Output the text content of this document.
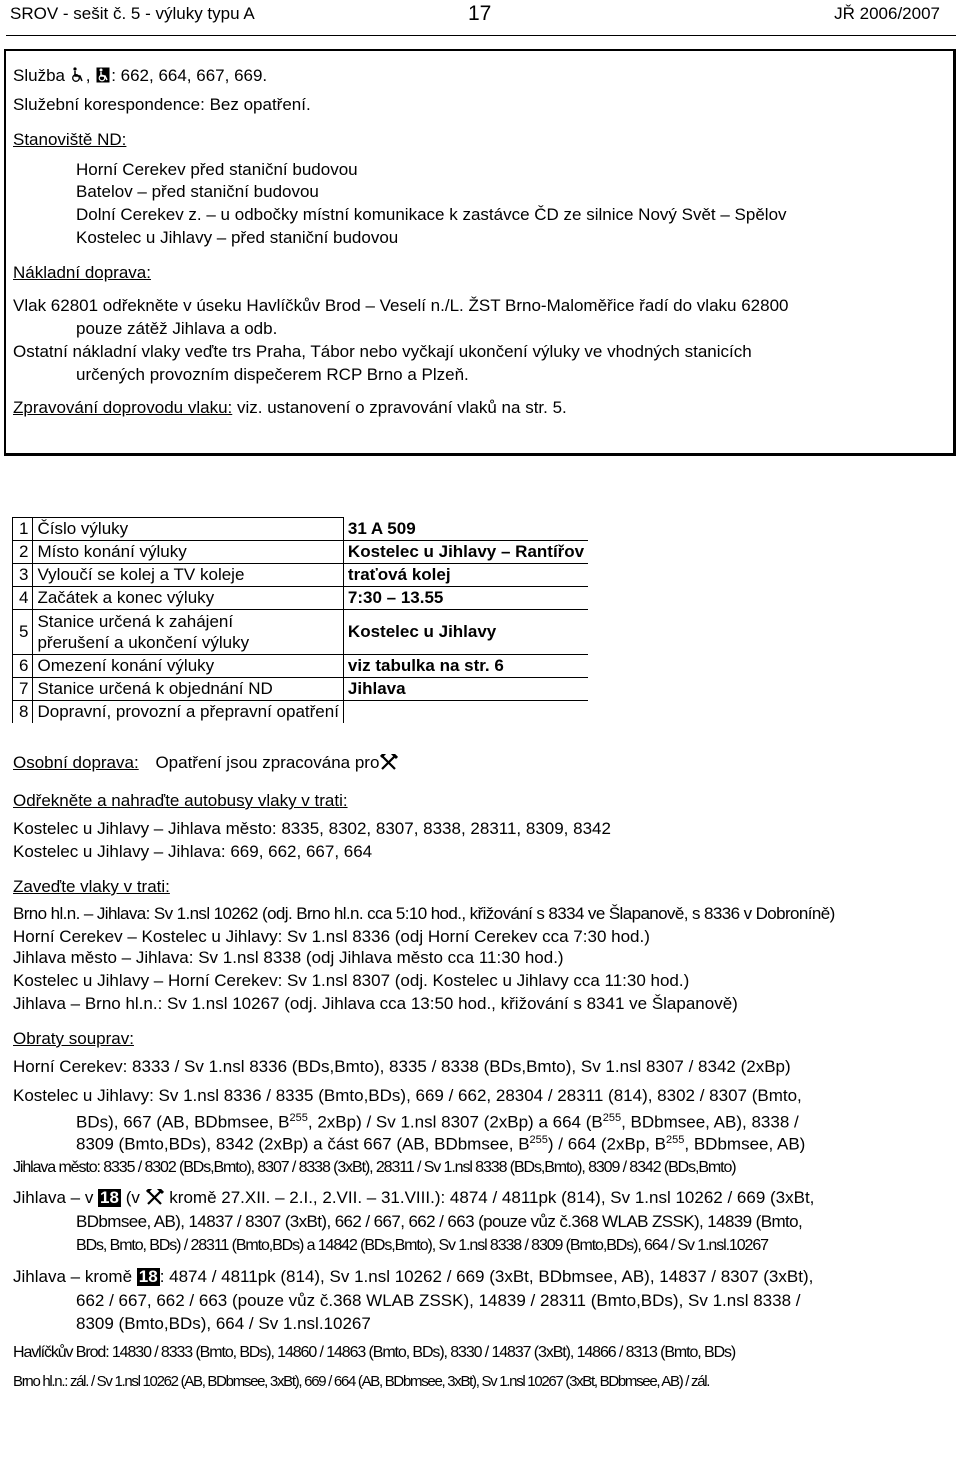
SROV - sešit č. 5 - výluky typu A	17	JŘ 2006/2007
Služba , : 662, 664, 667, 669.
Služební korespondence: Bez opatření.
Stanoviště ND:
Horní Cerekev před staniční budovou
Batelov – před staniční budovou
Dolní Cerekev z. – u odbočky místní komunikace k zastávce ČD ze silnice Nový Svět – Spělov
Kostelec u Jihlavy – před staniční budovou
Nákladní doprava:
Vlak 62801 odřekněte v úseku Havlíčkův Brod – Veselí n./L. ŽST Brno-Maloměřice řadí do vlaku 62800
pouze zátěž Jihlava a odb.
Ostatní nákladní vlaky veďte trs Praha, Tábor nebo vyčkají ukončení výluky ve vhodných stanicích
určených provozním dispečerem RCP Brno a Plzeň.
Zpravování doprovodu vlaku: viz. ustanovení o zpravování vlaků na str. 5.
1	Číslo výluky	31 A 509
2	Místo konání výluky	Kostelec u Jihlavy – Rantířov
3	Vyloučí se kolej a TV koleje	traťová kolej
4	Začátek a konec výluky	7:30 – 13.55
5	Stanice určená k zahájení
přerušení a ukončení výluky	Kostelec u Jihlavy
6	Omezení konání výluky	viz tabulka na str. 6
7	Stanice určená k objednání ND	Jihlava
8	Dopravní, provozní a přepravní opatření	
Osobní doprava: Opatření jsou zpracována pro
Odřekněte a nahraďte autobusy vlaky v trati:
Kostelec u Jihlavy – Jihlava město: 8335, 8302, 8307, 8338, 28311, 8309, 8342
Kostelec u Jihlavy – Jihlava: 669, 662, 667, 664
Zaveďte vlaky v trati:
Brno hl.n. – Jihlava: Sv 1.nsl 10262 (odj. Brno hl.n. cca 5:10 hod., křižování s 8334 ve Šlapanově, s 8336 v Dobroníně)
Horní Cerekev – Kostelec u Jihlavy: Sv 1.nsl 8336 (odj Horní Cerekev cca 7:30 hod.)
Jihlava město – Jihlava: Sv 1.nsl 8338 (odj Jihlava město cca 11:30 hod.)
Kostelec u Jihlavy – Horní Cerekev: Sv 1.nsl 8307 (odj. Kostelec u Jihlavy cca 11:30 hod.)
Jihlava – Brno hl.n.: Sv 1.nsl 10267 (odj. Jihlava cca 13:50 hod., křižování s 8341 ve Šlapanově)
Obraty souprav:
Horní Cerekev: 8333 / Sv 1.nsl 8336 (BDs,Bmto), 8335 / 8338 (BDs,Bmto), Sv 1.nsl 8307 / 8342 (2xBp)
Kostelec u Jihlavy: Sv 1.nsl 8336 / 8335 (Bmto,BDs), 669 / 662, 28304 / 28311 (814), 8302 / 8307 (Bmto,
BDs), 667 (AB, BDbmsee, $B^{255}$, 2xBp) / Sv 1.nsl 8307 (2xBp) a 664 ($B^{255}$, BDbmsee, AB), 8338 /
8309 (Bmto,BDs), 8342 (2xBp) a část 667 (AB, BDbmsee, $B^{255}) / 664$ (2xBp, $B^{255}$, BDbmsee, AB)
Jihlava město: 8335 / 8302 (BDs,Bmto), 8307 / 8338 (3xBt), 28311 / Sv 1.nsl 8338 (BDs,Bmto), 8309 / 8342 (BDs,Bmto)
Jihlava – v 18 (v
kromě 27.XII. – 2.I., 2.VII. – 31.VIII.): 4874 / 4811pk (814), Sv 1.nsl 10262 / 669 (3xBt,
BDbmsee, AB), 14837 / 8307 (3xBt), 662 / 667, 662 / 663 (pouze vůz č.368 WLAB ZSSK), 14839 (Bmto,
BDs, Bmto, BDs) / 28311 (Bmto,BDs) a 14842 (BDs,Bmto), Sv 1.nsl 8338 / 8309 (Bmto,BDs), 664 / Sv 1.nsl.10267
Jihlava – kromě 18 : 4874 / 4811pk (814), Sv 1.nsl 10262 / 669 (3xBt, BDbmsee, AB), 14837 / 8307 (3xBt),
662 / 667, 662 / 663 (pouze vůz č.368 WLAB ZSSK), 14839 / 28311 (Bmto,BDs), Sv 1.nsl 8338 /
8309 (Bmto,BDs), 664 / Sv 1.nsl.10267
Havlíčkův Brod: 14830 / 8333 (Bmto, BDs), 14860 / 14863 (Bmto, BDs), 8330 / 14837 (3xBt), 14866 / 8313 (Bmto, BDs)
Brno hl.n.: zál. / Sv 1.nsl 10262 (AB, BDbmsee, 3xBt), 669 / 664 (AB, BDbmsee, 3xBt), Sv 1.nsl 10267 (3xBt, BDbmsee, AB) / zál.
